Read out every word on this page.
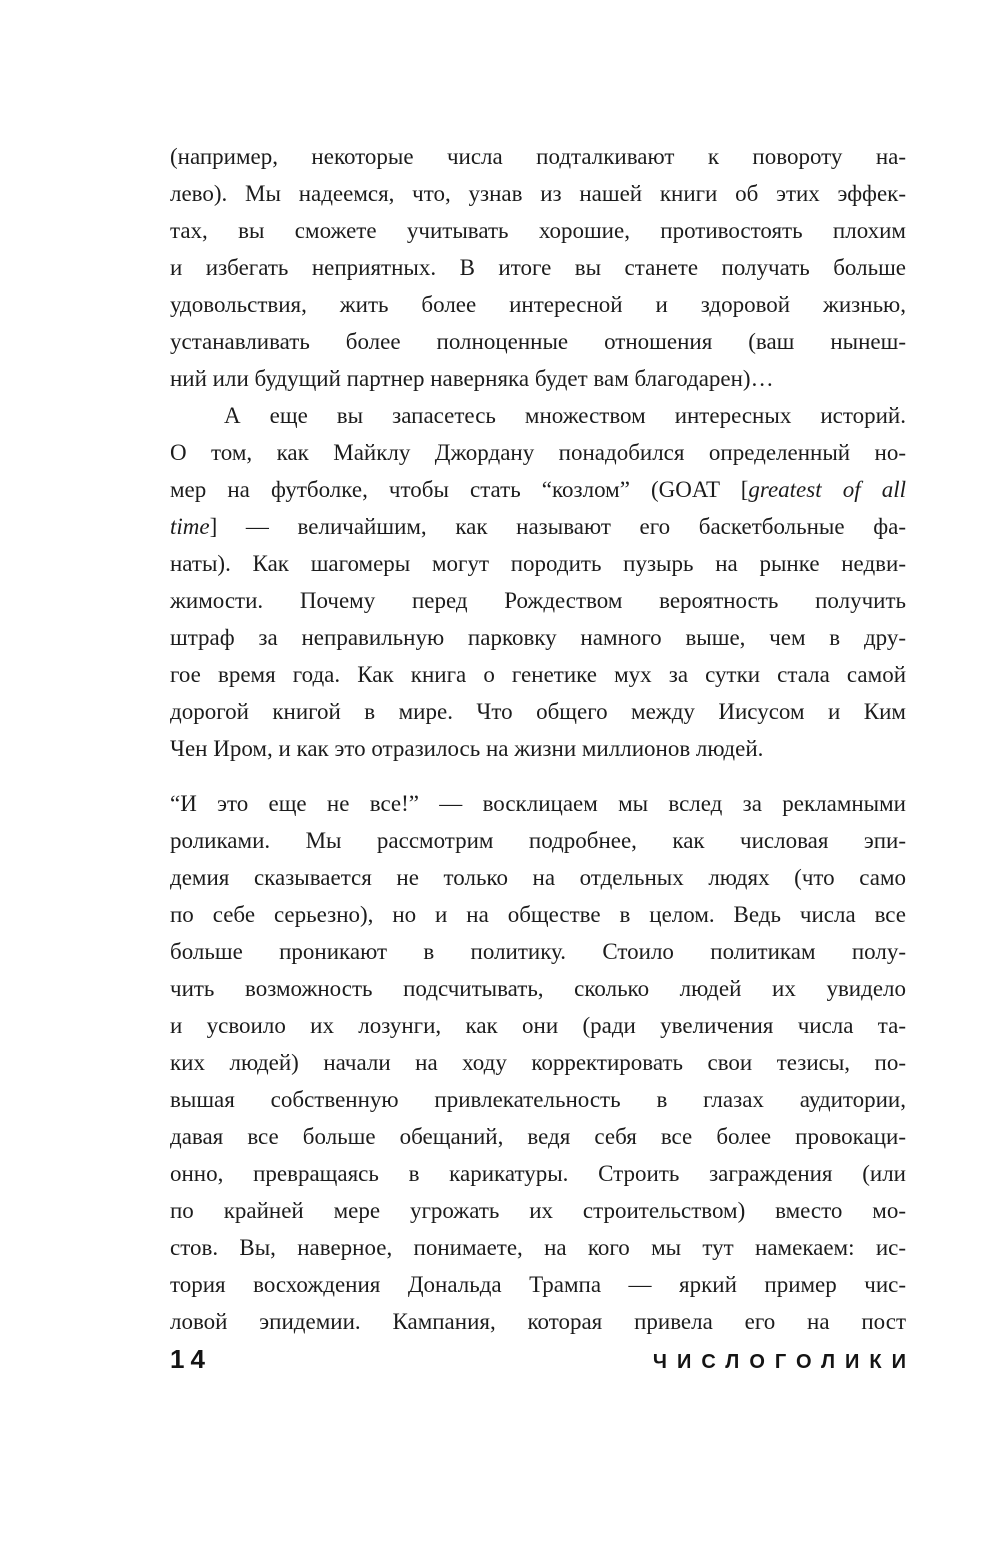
(например, некоторые числа подталкивают к повороту на-
лево). Мы надеемся, что, узнав из нашей книги об этих эффек-
тах, вы сможете учитывать хорошие, противостоять плохим
и избегать неприятных. В итоге вы станете получать больше
удовольствия, жить более интересной и здоровой жизнью,
устанавливать более полноценные отношения (ваш нынеш-
ний или будущий партнер наверняка будет вам благодарен)…
А еще вы запасетесь множеством интересных историй.
О том, как Майклу Джордану понадобился определенный но-
мер на футболке, чтобы стать “козлом” (GOAT [greatest of all
time] — величайшим, как называют его баскетбольные фа-
наты). Как шагомеры могут породить пузырь на рынке недви-
жимости. Почему перед Рождеством вероятность получить
штраф за неправильную парковку намного выше, чем в дру-
гое время года. Как книга о генетике мух за сутки стала самой
дорогой книгой в мире. Что общего между Иисусом и Ким
Чен Иром, и как это отразилось на жизни миллионов людей.
“И это еще не все!” — восклицаем мы вслед за рекламными
роликами. Мы рассмотрим подробнее, как числовая эпи-
демия сказывается не только на отдельных людях (что само
по себе серьезно), но и на обществе в целом. Ведь числа все
больше проникают в политику. Стоило политикам полу-
чить возможность подсчитывать, сколько людей их увидело
и усвоило их лозунги, как они (ради увеличения числа та-
ких людей) начали на ходу корректировать свои тезисы, по-
вышая собственную привлекательность в глазах аудитории,
давая все больше обещаний, ведя себя все более провокаци-
онно, превращаясь в карикатуры. Строить заграждения (или
по крайней мере угрожать их строительством) вместо мо-
стов. Вы, наверное, понимаете, на кого мы тут намекаем: ис-
тория восхождения Дональда Трампа — яркий пример чис-
ловой эпидемии. Кампания, которая привела его на пост
14	ЧИСЛОГОЛИКИ
